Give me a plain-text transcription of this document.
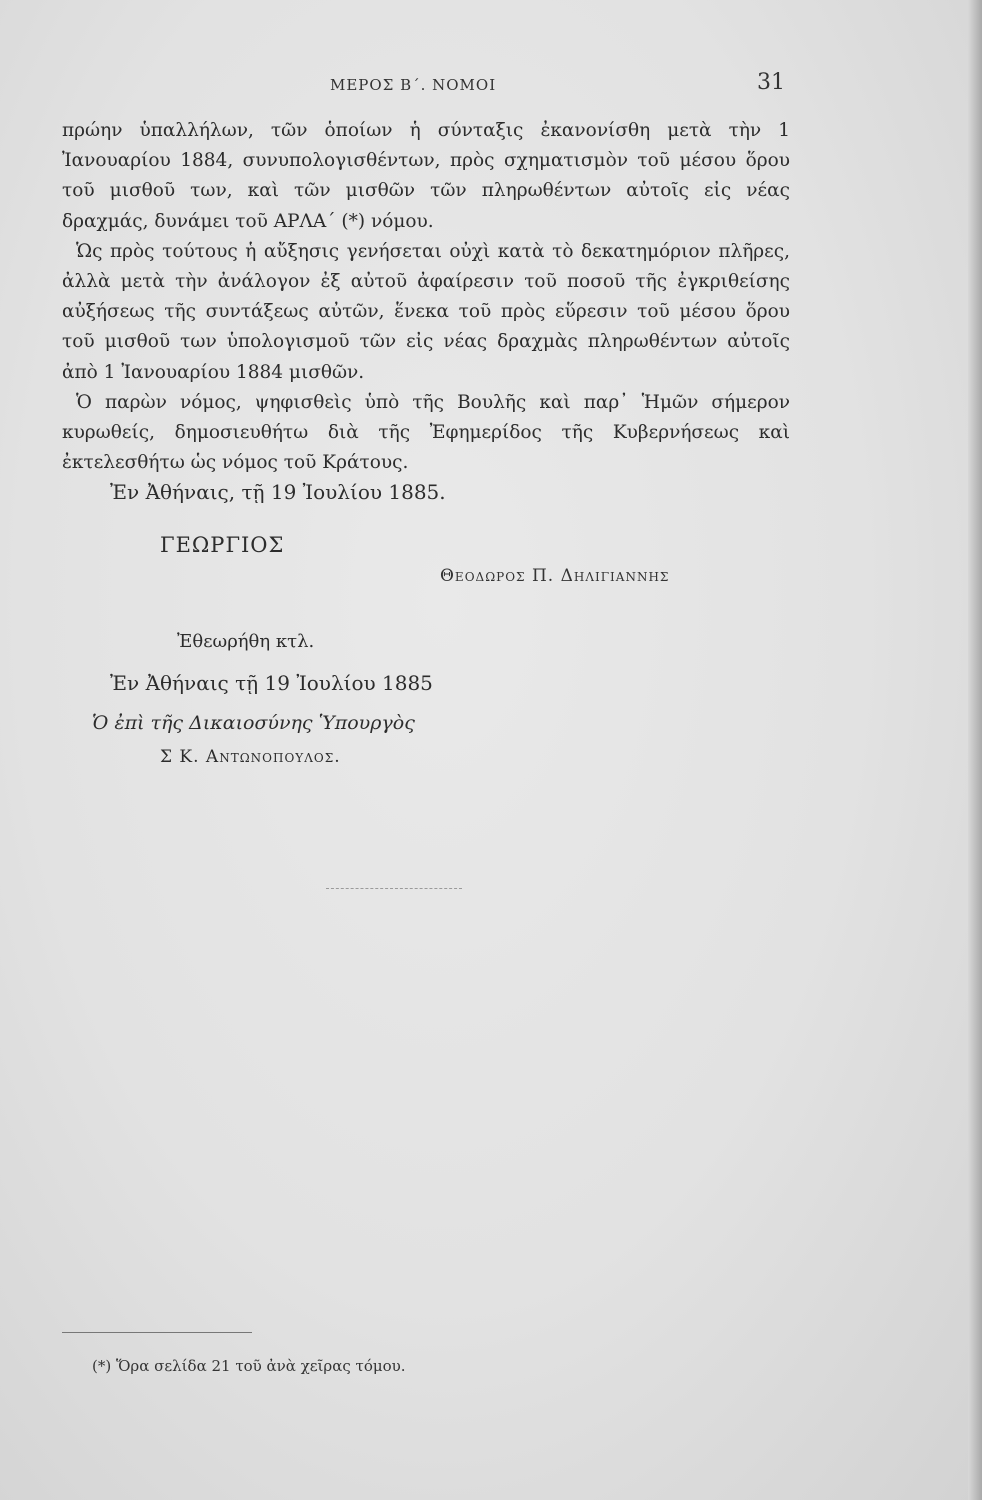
ΜΕΡΟΣ Β΄. ΝΟΜΟΙ	31

πρώην ὑπαλλήλων, τῶν ὁποίων ἡ σύνταξις ἐκανονίσθη μετὰ τὴν 1 Ἰανουαρίου 1884, συνυπολογισθέντων, πρὸς σχηματισμὸν τοῦ μέσου ὅρου τοῦ μισθοῦ των, καὶ τῶν μισθῶν τῶν πληρωθέντων αὐτοῖς εἰς νέας δραχμάς, δυνάμει τοῦ ΑΡΛΑ΄ (*) νόμου.

Ὡς πρὸς τούτους ἡ αὔξησις γενήσεται οὐχὶ κατὰ τὸ δεκατημόριον πλῆρες, ἀλλὰ μετὰ τὴν ἀνάλογον ἐξ αὐτοῦ ἀφαίρεσιν τοῦ ποσοῦ τῆς ἐγκριθείσης αὐξήσεως τῆς συντάξεως αὐτῶν, ἕνεκα τοῦ πρὸς εὕρεσιν τοῦ μέσου ὅρου τοῦ μισθοῦ των ὑπολογισμοῦ τῶν εἰς νέας δραχμὰς πληρωθέντων αὐτοῖς ἀπὸ 1 Ἰανουαρίου 1884 μισθῶν.

Ὁ παρὼν νόμος, ψηφισθεὶς ὑπὸ τῆς Βουλῆς καὶ παρ᾽ Ἡμῶν σήμερον κυρωθείς, δημοσιευθήτω διὰ τῆς Ἐφημερίδος τῆς Κυβερνήσεως καὶ ἐκτελεσθήτω ὡς νόμος τοῦ Κράτους.

Ἐν Ἀθήναις, τῇ 19 Ἰουλίου 1885.
ΓΕΩΡΓΙΟΣ
Θεοδωρος Π. Δηλιγιαννης
Ἐθεωρήθη κτλ.
Ἐν Ἀθήναις τῇ 19 Ἰουλίου 1885
Ὁ ἐπὶ τῆς Δικαιοσύνης Ὑπουργὸς
Σ Κ. Αντωνοπουλος.
(*) Ὅρα σελίδα 21 τοῦ ἀνὰ χεῖρας τόμου.
